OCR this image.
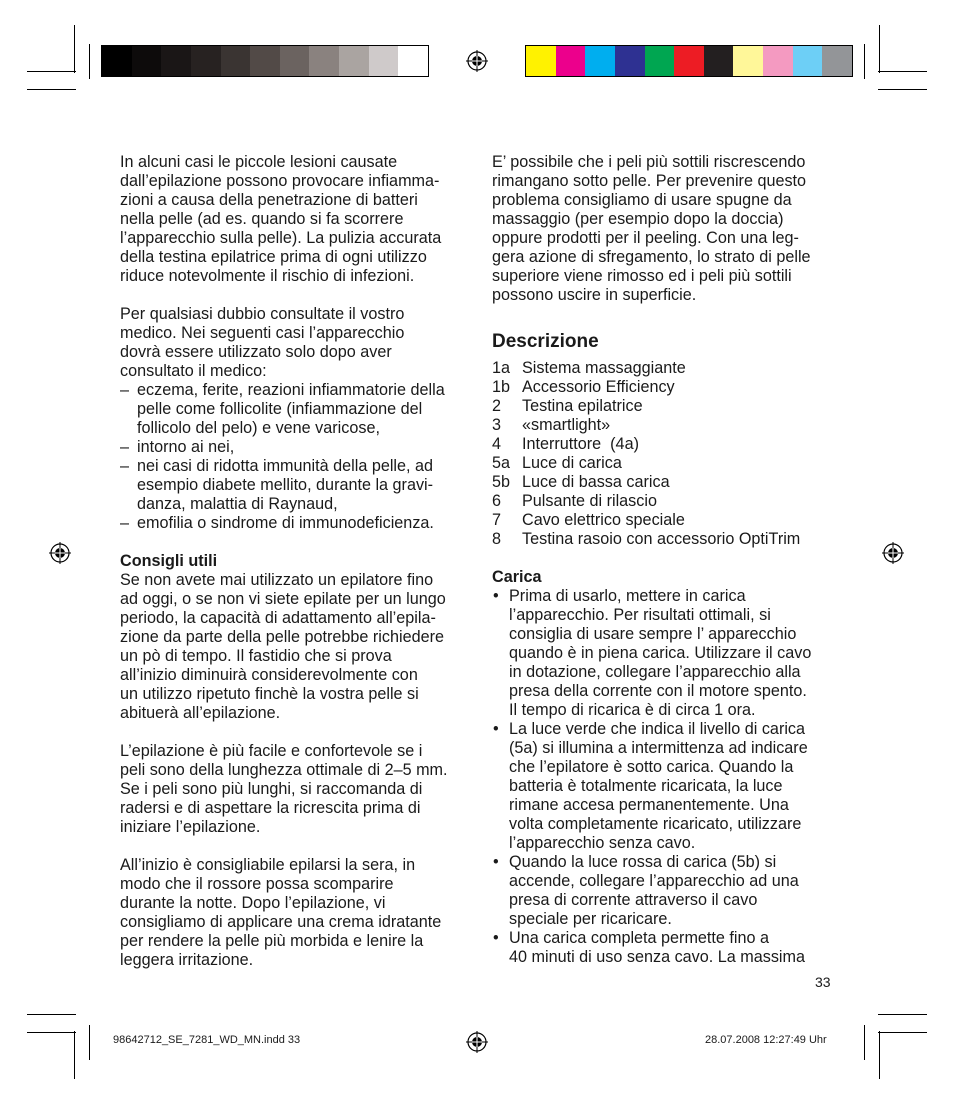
In alcuni casi le piccole lesioni causate
dall’epilazione possono provocare infiamma-
zioni a causa della penetrazione di batteri
nella pelle (ad es. quando si fa scorrere
l’apparecchio sulla pelle). La pulizia accurata
della testina epilatrice prima di ogni utilizzo
riduce notevolmente il rischio di infezioni.
Per qualsiasi dubbio consultate il vostro
medico. Nei seguenti casi l’apparecchio
dovrà essere utilizzato solo dopo aver
consultato il medico:
– eczema, ferite, reazioni infiammatorie della
pelle come follicolite (infiammazione del
follicolo del pelo) e vene varicose,
– intorno ai nei,
– nei casi di ridotta immunità della pelle, ad
esempio diabete mellito, durante la gravi-
danza, malattia di Raynaud,
– emofilia o sindrome di immunodeficienza.

Consigli utili

Se non avete mai utilizzato un epilatore fino
ad oggi, o se non vi siete epilate per un lungo
periodo, la capacità di adattamento all’epila-
zione da parte della pelle potrebbe richiedere
un pò di tempo. Il fastidio che si prova
all’inizio diminuirà considerevolmente con
un utilizzo ripetuto finchè la vostra pelle si
abituerà all’epilazione.
L’epilazione è più facile e confortevole se i
peli sono della lunghezza ottimale di 2–5 mm.
Se i peli sono più lunghi, si raccomanda di
radersi e di aspettare la ricrescita prima di
iniziare l’epilazione.
All’inizio è consigliabile epilarsi la sera, in
modo che il rossore possa scomparire
durante la notte. Dopo l’epilazione, vi
consigliamo di applicare una crema idratante
per rendere la pelle più morbida e lenire la
leggera irritazione.
E’ possibile che i peli più sottili riscrescendo
rimangano sotto pelle. Per prevenire questo
problema consigliamo di usare spugne da
massaggio (per esempio dopo la doccia)
oppure prodotti per il peeling. Con una leg-
gera azione di sfregamento, lo strato di pelle
superiore viene rimosso ed i peli più sottili
possono uscire in superficie.
Descrizione
1a Sistema massaggiante
1b Accessorio Efficiency
2	Testina epilatrice
3	«smartlight»
4	Interruttore  (4a)
5a Luce di carica
5b Luce di bassa carica
6	Pulsante di rilascio
7	Cavo elettrico speciale
8	Testina rasoio con accessorio OptiTrim

Carica

• Prima di usarlo, mettere in carica
l’apparecchio. Per risultati ottimali, si
consiglia di usare sempre l’ apparecchio
quando è in piena carica. Utilizzare il cavo
in dotazione, collegare l’apparecchio alla
presa della corrente con il motore spento.
Il tempo di ricarica è di circa 1 ora.
• La luce verde che indica il livello di carica
(5a) si illumina a intermittenza ad indicare
che l’epilatore è sotto carica. Quando la
batteria è totalmente ricaricata, la luce
rimane accesa permanentemente. Una
volta completamente ricaricato, utilizzare
l’apparecchio senza cavo.
• Quando la luce rossa di carica (5b) si
accende, collegare l’apparecchio ad una
presa di corrente attraverso il cavo
speciale per ricaricare.
• Una carica completa permette fino a
40 minuti di uso senza cavo. La massima
33
98642712_SE_7281_WD_MN.indd 33	28.07.2008 12:27:49 Uhr
